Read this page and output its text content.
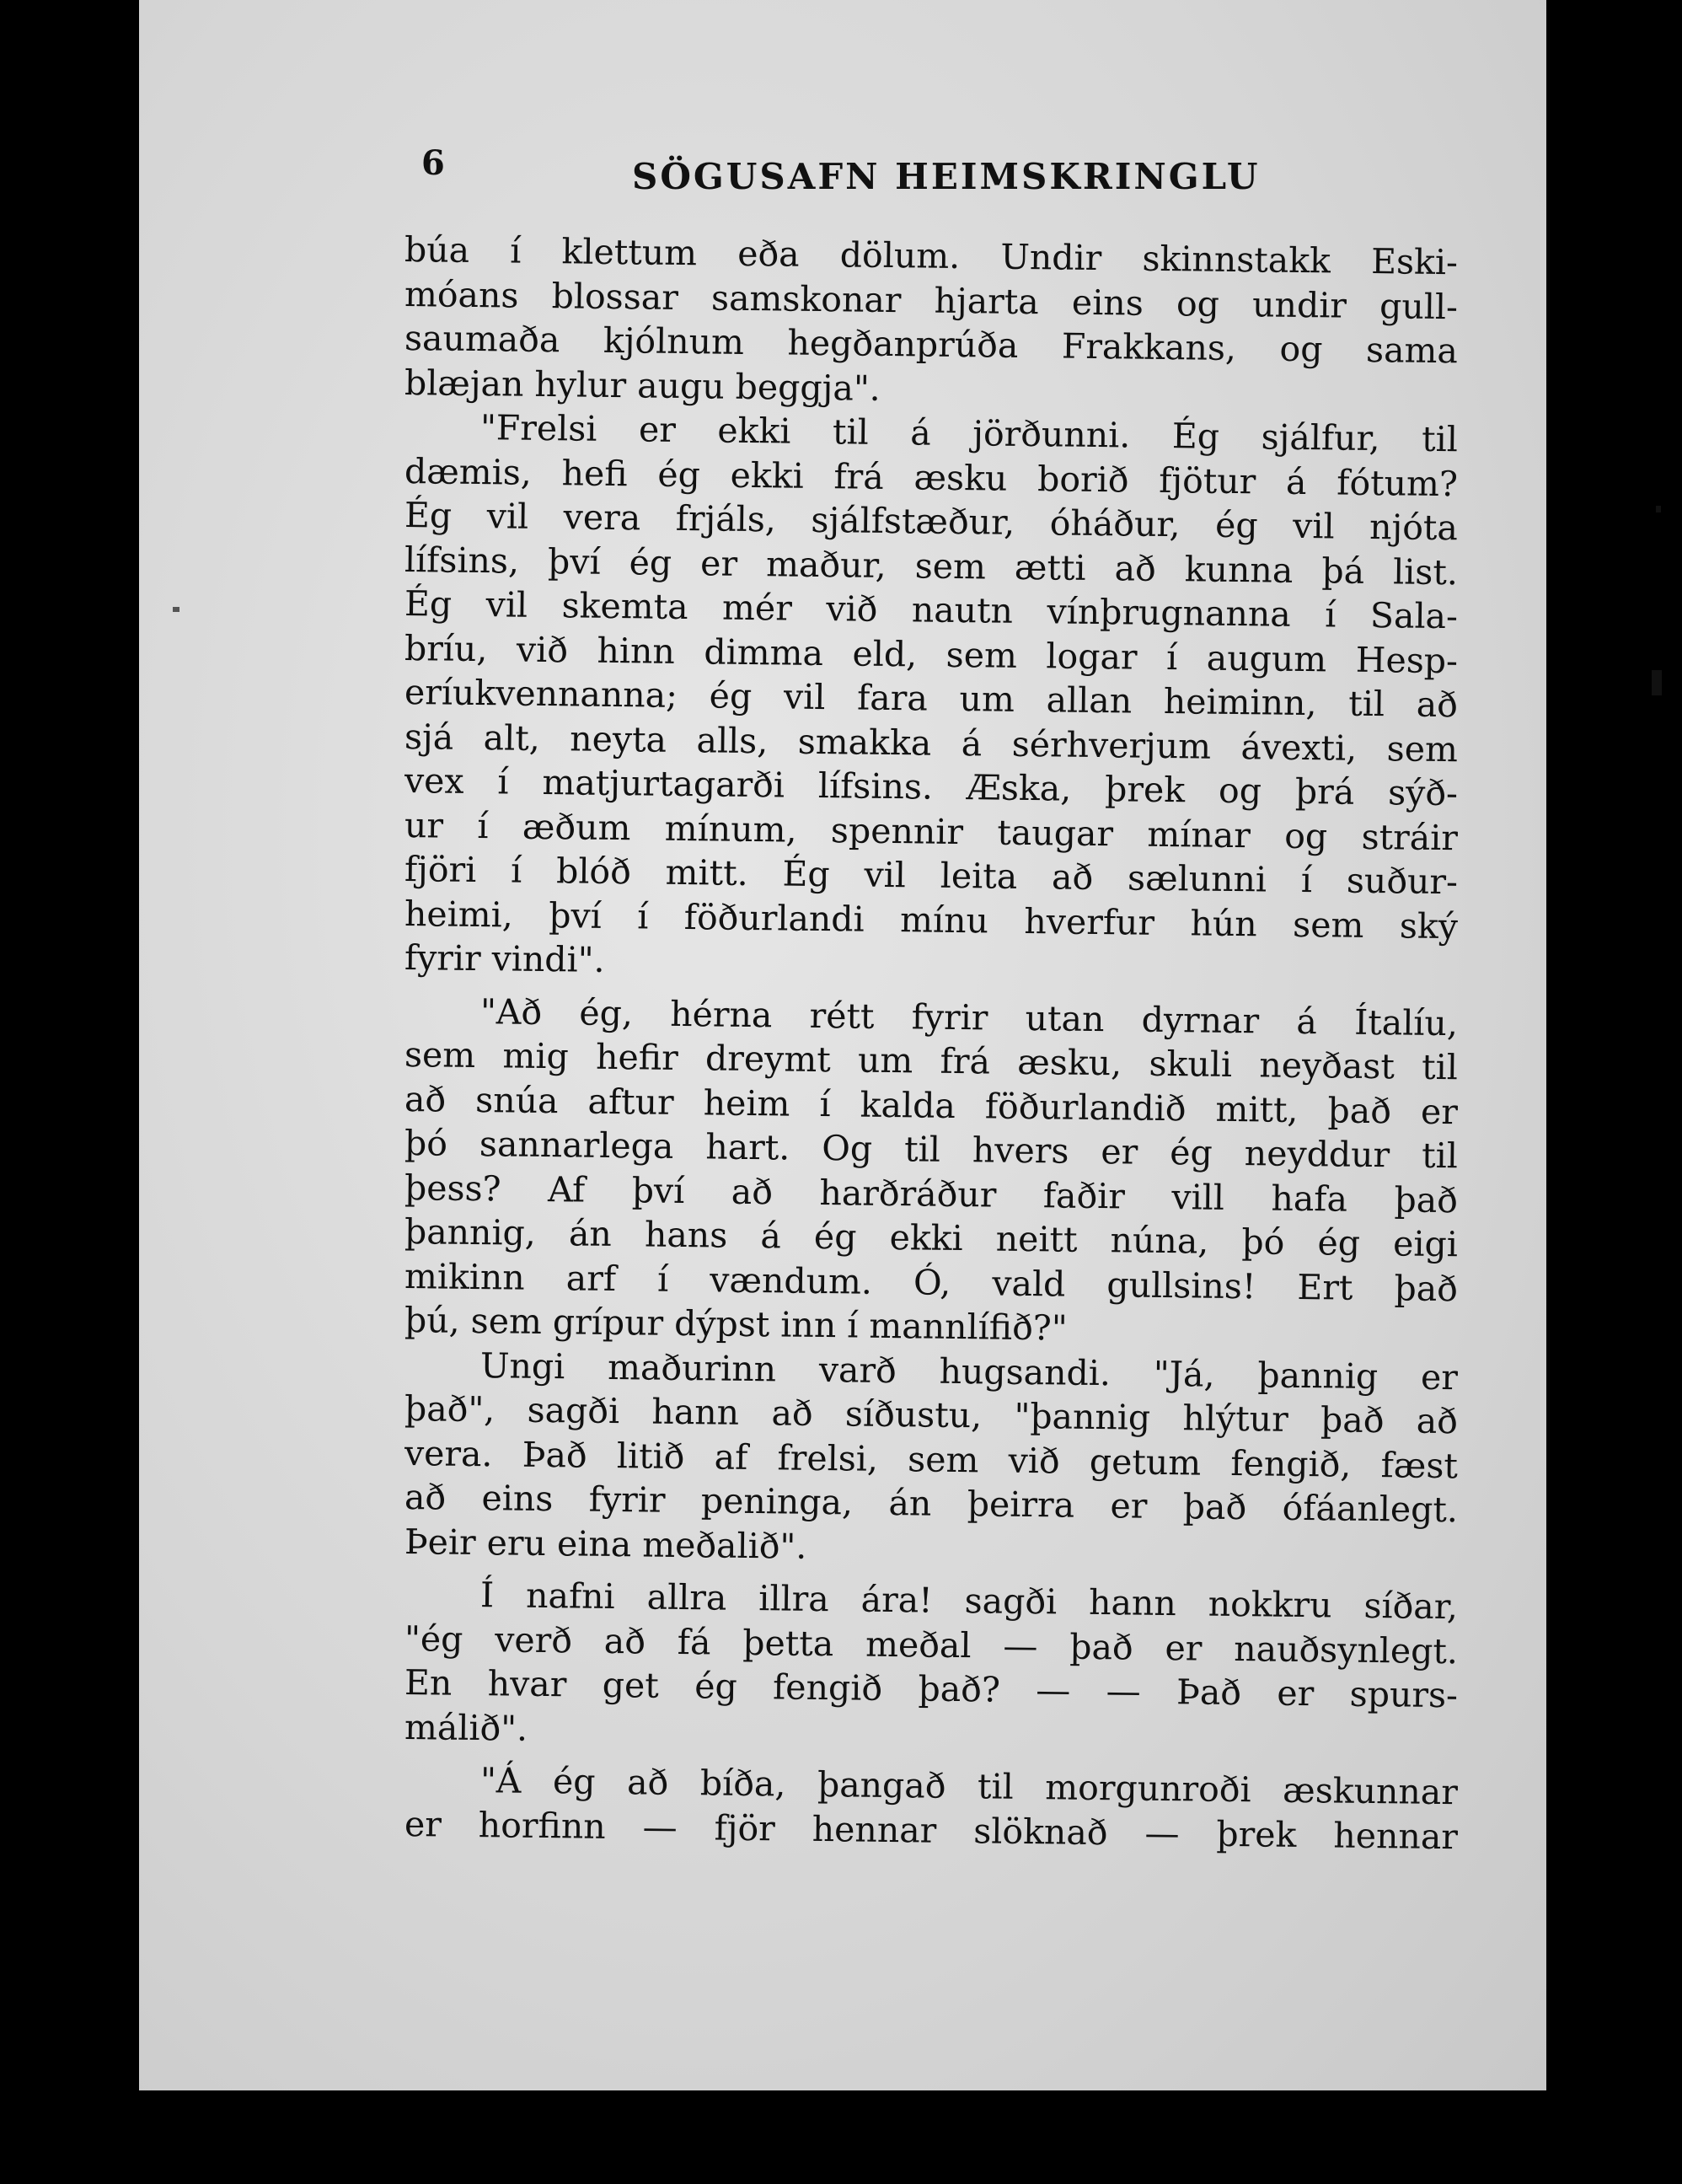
6	SÖGUSAFN HEIMSKRINGLU
búa í klettum eða dölum. Undir skinnstakk Eski-
móans blossar samskonar hjarta eins og undir gull-
saumaða kjólnum hegðanprúða Frakkans, og sama
blæjan hylur augu beggja".
"Frelsi er ekki til á jörðunni. Ég sjálfur, til
dæmis, hefi ég ekki frá æsku borið fjötur á fótum?
Ég vil vera frjáls, sjálfstæður, óháður, ég vil njóta
lífsins, því ég er maður, sem ætti að kunna þá list.
Ég vil skemta mér við nautn vínþrugnanna í Sala-
bríu, við hinn dimma eld, sem logar í augum Hesp-
eríukvennanna; ég vil fara um allan heiminn, til að
sjá alt, neyta alls, smakka á sérhverjum ávexti, sem
vex í matjurtagarði lífsins. Æska, þrek og þrá sýð-
ur í æðum mínum, spennir taugar mínar og stráir
fjöri í blóð mitt. Ég vil leita að sælunni í suður-
heimi, því í föðurlandi mínu hverfur hún sem ský
fyrir vindi".
"Að ég, hérna rétt fyrir utan dyrnar á Ítalíu,
sem mig hefir dreymt um frá æsku, skuli neyðast til
að snúa aftur heim í kalda föðurlandið mitt, það er
þó sannarlega hart. Og til hvers er ég neyddur til
þess? Af því að harðráður faðir vill hafa það
þannig, án hans á ég ekki neitt núna, þó ég eigi
mikinn arf í vændum. Ó, vald gullsins! Ert það
þú, sem grípur dýpst inn í mannlífið?"
Ungi maðurinn varð hugsandi. "Já, þannig er
það", sagði hann að síðustu, "þannig hlýtur það að
vera. Það litið af frelsi, sem við getum fengið, fæst
að eins fyrir peninga, án þeirra er það ófáanlegt.
Þeir eru eina meðalið".
Í nafni allra illra ára! sagði hann nokkru síðar,
"ég verð að fá þetta meðal — það er nauðsynlegt.
En hvar get ég fengið það? — — Það er spurs-
málið".
"Á ég að bíða, þangað til morgunroði æskunnar
er horfinn — fjör hennar slöknað — þrek hennar
